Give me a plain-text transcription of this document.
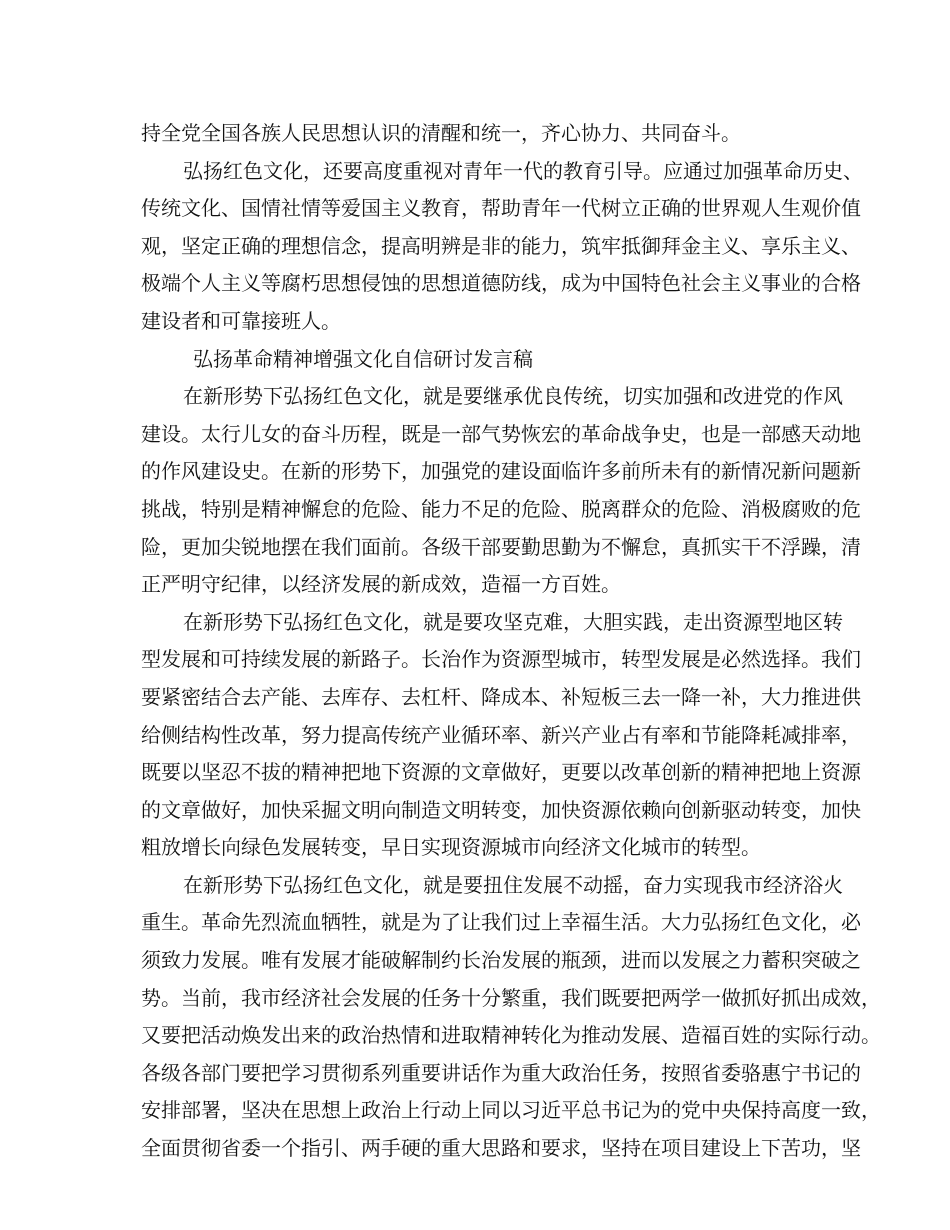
持全党全国各族人民思想认识的清醒和统一，齐心协力、共同奋斗。
弘扬红色文化，还要高度重视对青年一代的教育引导。应通过加强革命历史、
传统文化、国情社情等爱国主义教育，帮助青年一代树立正确的世界观人生观价值
观，坚定正确的理想信念，提高明辨是非的能力，筑牢抵御拜金主义、享乐主义、
极端个人主义等腐朽思想侵蚀的思想道德防线，成为中国特色社会主义事业的合格
建设者和可靠接班人。
弘扬革命精神增强文化自信研讨发言稿
在新形势下弘扬红色文化，就是要继承优良传统，切实加强和改进党的作风
建设。太行儿女的奋斗历程，既是一部气势恢宏的革命战争史，也是一部感天动地
的作风建设史。在新的形势下，加强党的建设面临许多前所未有的新情况新问题新
挑战，特别是精神懈怠的危险、能力不足的危险、脱离群众的危险、消极腐败的危
险，更加尖锐地摆在我们面前。各级干部要勤思勤为不懈怠，真抓实干不浮躁，清
正严明守纪律，以经济发展的新成效，造福一方百姓。
在新形势下弘扬红色文化，就是要攻坚克难，大胆实践，走出资源型地区转
型发展和可持续发展的新路子。长治作为资源型城市，转型发展是必然选择。我们
要紧密结合去产能、去库存、去杠杆、降成本、补短板三去一降一补，大力推进供
给侧结构性改革，努力提高传统产业循环率、新兴产业占有率和节能降耗减排率，
既要以坚忍不拔的精神把地下资源的文章做好，更要以改革创新的精神把地上资源
的文章做好，加快采掘文明向制造文明转变，加快资源依赖向创新驱动转变，加快
粗放增长向绿色发展转变，早日实现资源城市向经济文化城市的转型。
在新形势下弘扬红色文化，就是要扭住发展不动摇，奋力实现我市经济浴火
重生。革命先烈流血牺牲，就是为了让我们过上幸福生活。大力弘扬红色文化，必
须致力发展。唯有发展才能破解制约长治发展的瓶颈，进而以发展之力蓄积突破之
势。当前，我市经济社会发展的任务十分繁重，我们既要把两学一做抓好抓出成效，
又要把活动焕发出来的政治热情和进取精神转化为推动发展、造福百姓的实际行动。
各级各部门要把学习贯彻系列重要讲话作为重大政治任务，按照省委骆惠宁书记的
安排部署，坚决在思想上政治上行动上同以习近平总书记为的党中央保持高度一致，
全面贯彻省委一个指引、两手硬的重大思路和要求，坚持在项目建设上下苦功，坚
